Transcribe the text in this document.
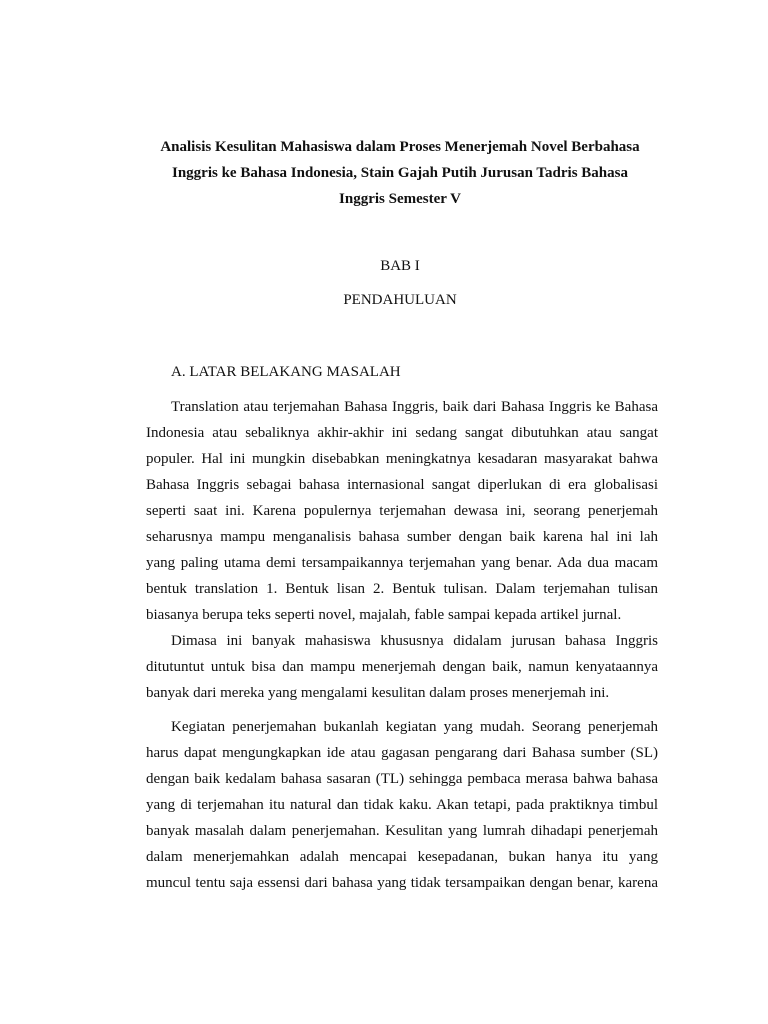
Analisis Kesulitan Mahasiswa dalam Proses Menerjemah Novel Berbahasa
Inggris ke Bahasa Indonesia, Stain Gajah Putih Jurusan Tadris Bahasa
Inggris Semester V
BAB I
PENDAHULUAN
A. LATAR BELAKANG MASALAH
Translation atau terjemahan Bahasa Inggris, baik dari Bahasa Inggris ke Bahasa
Indonesia atau sebaliknya akhir-akhir ini sedang sangat dibutuhkan atau sangat
populer. Hal ini mungkin disebabkan meningkatnya kesadaran masyarakat bahwa
Bahasa Inggris sebagai bahasa internasional sangat diperlukan di era globalisasi
seperti saat ini. Karena populernya terjemahan dewasa ini, seorang penerjemah
seharusnya mampu menganalisis bahasa sumber dengan baik karena hal ini lah
yang paling utama demi tersampaikannya terjemahan yang benar. Ada dua macam
bentuk translation 1. Bentuk lisan 2. Bentuk tulisan. Dalam terjemahan tulisan
biasanya berupa teks seperti novel, majalah, fable sampai kepada artikel jurnal.
Dimasa ini banyak mahasiswa khususnya didalam jurusan bahasa Inggris
ditutuntut untuk bisa dan mampu menerjemah dengan baik, namun kenyataannya
banyak dari mereka yang mengalami kesulitan dalam proses menerjemah ini.
Kegiatan penerjemahan bukanlah kegiatan yang mudah. Seorang penerjemah
harus dapat mengungkapkan ide atau gagasan pengarang dari Bahasa sumber (SL)
dengan baik kedalam bahasa sasaran (TL) sehingga pembaca merasa bahwa bahasa
yang di terjemahan itu natural dan tidak kaku. Akan tetapi, pada praktiknya timbul
banyak masalah dalam penerjemahan. Kesulitan yang lumrah dihadapi penerjemah
dalam menerjemahkan adalah mencapai kesepadanan, bukan hanya itu yang
muncul tentu saja essensi dari bahasa yang tidak tersampaikan dengan benar, karena
